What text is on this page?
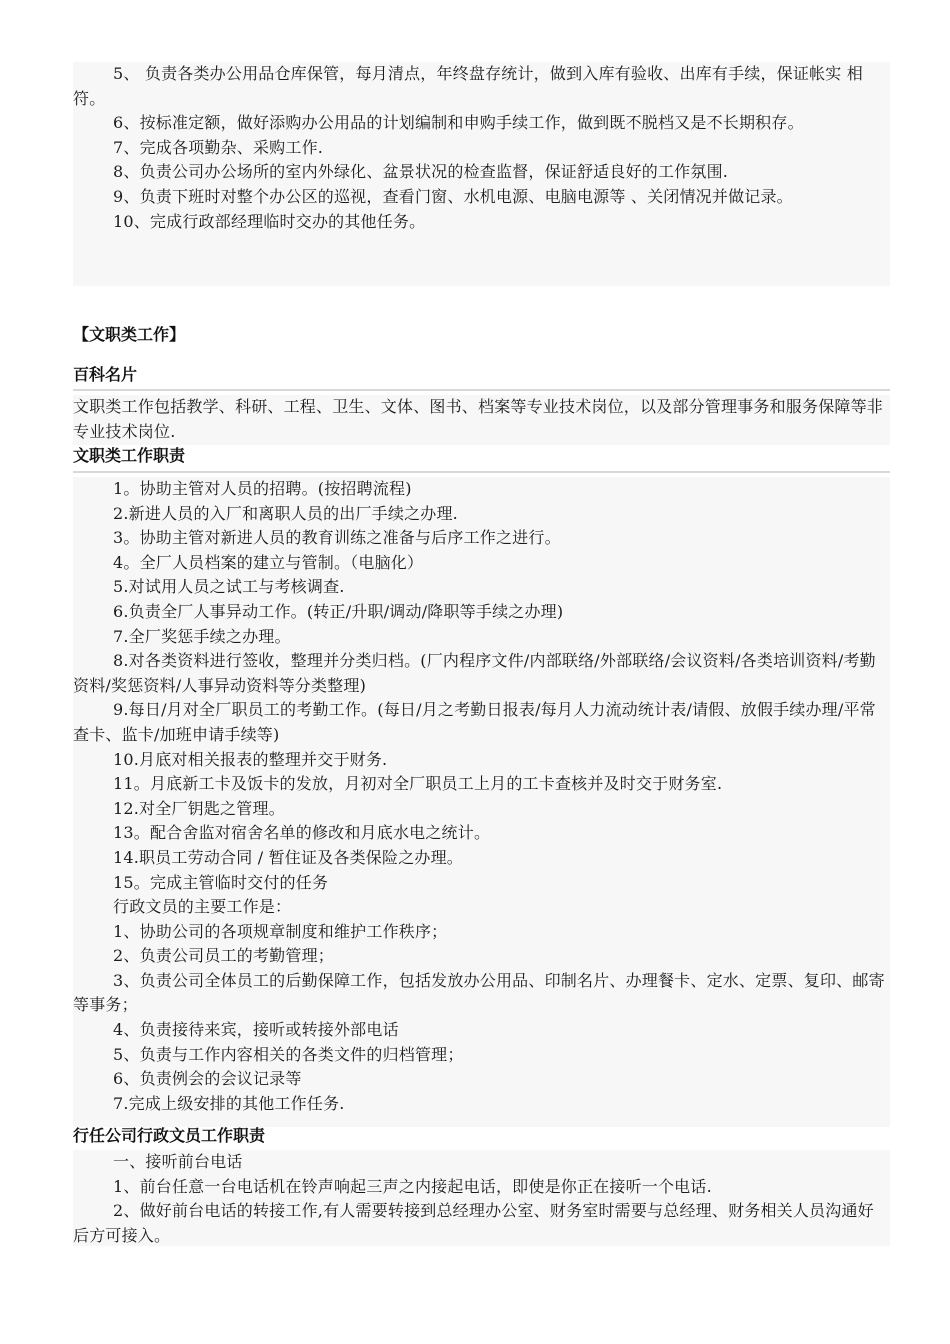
5、 负责各类办公用品仓库保管，每月清点，年终盘存统计，做到入库有验收、出库有手续，保证帐实 相符。

6、按标准定额，做好添购办公用品的计划编制和申购手续工作，做到既不脱档又是不长期积存。

7、完成各项勤杂、采购工作.

8、负责公司办公场所的室内外绿化、盆景状况的检查监督，保证舒适良好的工作氛围.

9、负责下班时对整个办公区的巡视，查看门窗、水机电源、电脑电源等 、关闭情况并做记录。

10、完成行政部经理临时交办的其他任务。

【文职类工作】
百科名片

文职类工作包括教学、科研、工程、卫生、文体、图书、档案等专业技术岗位，以及部分管理事务和服务保障等非专业技术岗位.

文职类工作职责

1。协助主管对人员的招聘。(按招聘流程)

2.新进人员的入厂和离职人员的出厂手续之办理.

3。协助主管对新进人员的教育训练之准备与后序工作之进行。

4。全厂人员档案的建立与管制。（电脑化）

5.对试用人员之试工与考核调查.

6.负责全厂人事异动工作。(转正/升职/调动/降职等手续之办理)

7.全厂奖惩手续之办理。

8.对各类资料进行签收，整理并分类归档。(厂内程序文件/内部联络/外部联络/会议资料/各类培训资料/考勤资料/奖惩资料/人事异动资料等分类整理)

9.每日/月对全厂职员工的考勤工作。(每日/月之考勤日报表/每月人力流动统计表/请假、放假手续办理/平常查卡、监卡/加班申请手续等)

10.月底对相关报表的整理并交于财务.

11。月底新工卡及饭卡的发放，月初对全厂职员工上月的工卡查核并及时交于财务室.

12.对全厂钥匙之管理。

13。配合舍监对宿舍名单的修改和月底水电之统计。

14.职员工劳动合同 / 暂住证及各类保险之办理。

15。完成主管临时交付的任务

行政文员的主要工作是：

1、协助公司的各项规章制度和维护工作秩序；

2、负责公司员工的考勤管理；

3、负责公司全体员工的后勤保障工作，包括发放办公用品、印制名片、办理餐卡、定水、定票、复印、邮寄等事务；

4、负责接待来宾，接听或转接外部电话

5、负责与工作内容相关的各类文件的归档管理；

6、负责例会的会议记录等

7.完成上级安排的其他工作任务.

行任公司行政文员工作职责

一、接听前台电话

1、前台任意一台电话机在铃声响起三声之内接起电话，即使是你正在接听一个电话.

2、做好前台电话的转接工作,有人需要转接到总经理办公室、财务室时需要与总经理、财务相关人员沟通好后方可接入。
